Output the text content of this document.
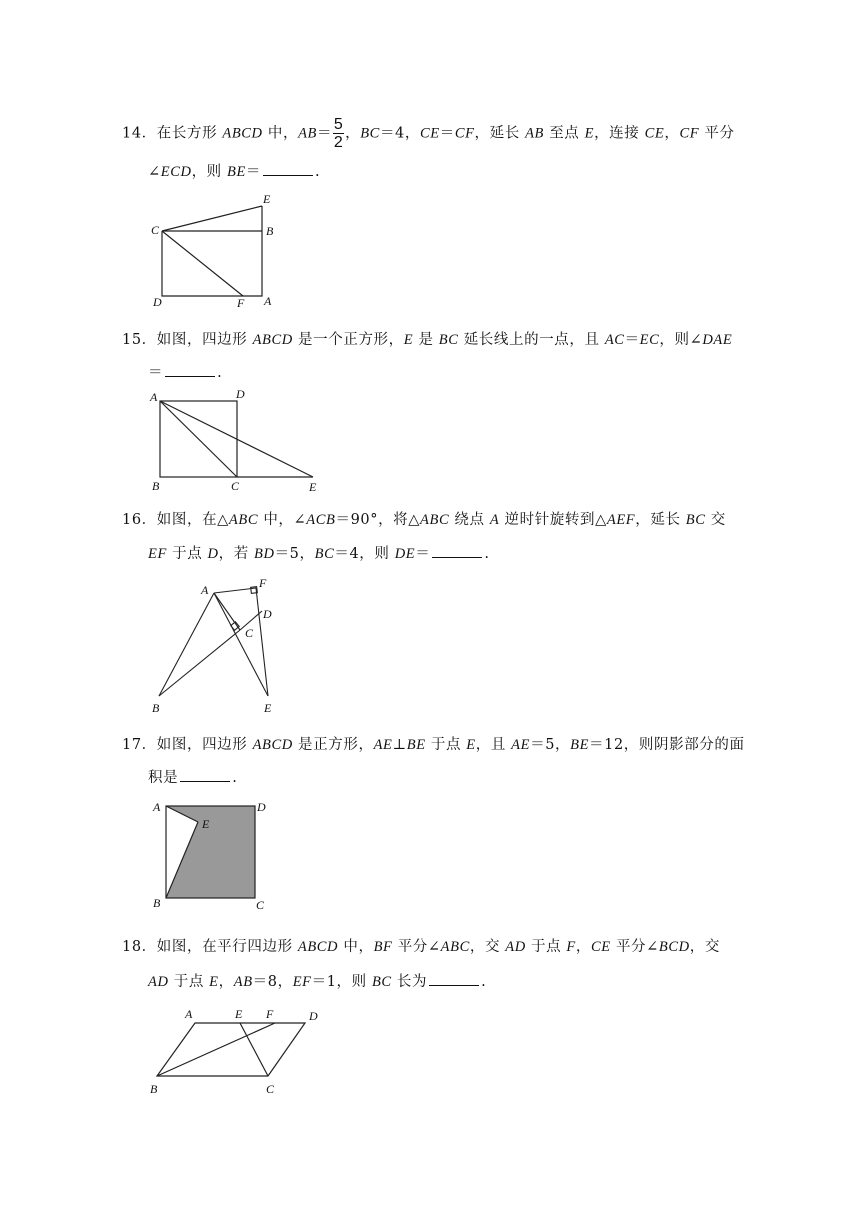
14．在长方形 ABCD 中，$AB= \frac{5}{2}$ ，BC＝4，CE＝CF，延长 AB 至点 E，连接 CE，CF 平分
∠ECD，则 BE＝	.
C
E
B
D	F A
15．如图，四边形 ABCD 是一个正方形，E 是 BC 延长线上的一点，且 AC＝EC，则∠DAE
＝	.
A	D
B	C	E
16．如图，在△ABC 中，∠ACB＝90°，将△ABC 绕点 A 逆时针旋转到△AEF，延长 BC 交
EF 于点 D，若 BD＝5，BC＝4，则 DE＝	.
A	F
D
C
B	E
17．如图，四边形 ABCD 是正方形，AE⊥BE 于点 E，且 AE＝5，BE＝12，则阴影部分的面
积是	.
A	D
E
B	C
18．如图，在平行四边形 ABCD 中，BF 平分∠ABC，交 AD 于点 F，CE 平分∠BCD，交
AD 于点 E，AB＝8，EF＝1，则 BC 长为	.
A	E F	D
B	C
